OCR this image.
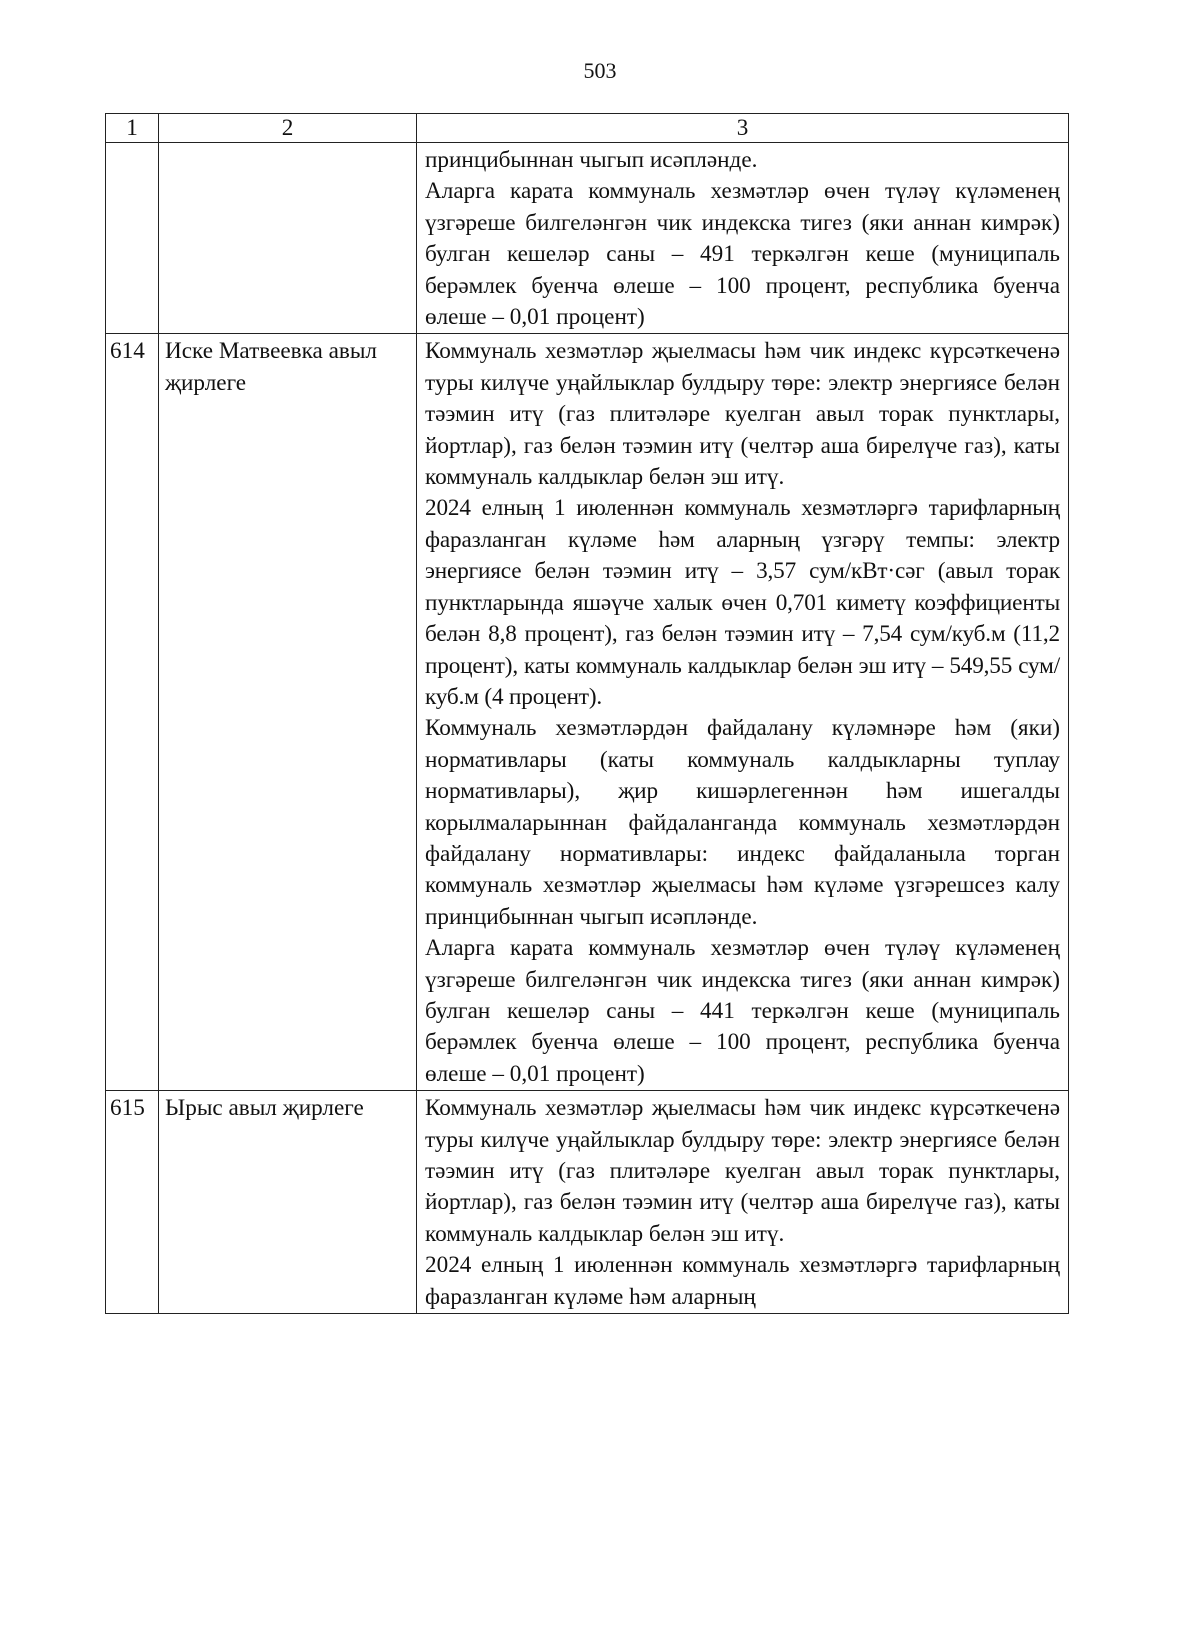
503
1	2	3

		принцибыннан чыгып исәпләнде.

Аларга карата коммуналь хезмәтләр өчен түләү күләменең үзгәреше билгеләнгән чик индекска тигез (яки аннан кимрәк) булган кешеләр саны – 491 теркәлгән кеше (муниципаль берәмлек буенча өлеше – 100 процент, республика буенча өлеше – 0,01 процент)

614	Иске Матвеевка авыл җирлеге	Коммуналь хезмәтләр җыелмасы һәм чик индекс күрсәткеченә туры килүче уңайлыклар булдыру төре: электр энергиясе белән тәэмин итү (газ плитәләре куелган авыл торак пунктлары, йортлар), газ белән тәэмин итү (челтәр аша бирелүче газ), каты коммуналь калдыклар белән эш итү.

2024 елның 1 июленнән коммуналь хезмәтләргә тарифларның фаразланган күләме һәм аларның үзгәрү темпы: электр энергиясе белән тәэмин итү – 3,57 сум/кВт·сәг (авыл торак пунктларында яшәүче халык өчен 0,701 киметү коэффициенты белән 8,8 процент), газ белән тәэмин итү – 7,54 сум/куб.м (11,2 процент), каты коммуналь калдыклар белән эш итү – 549,55 сум/куб.м (4 процент).

Коммуналь хезмәтләрдән файдалану күләмнәре һәм (яки) нормативлары (каты коммуналь калдыкларны туплау нормативлары), җир кишәрлегеннән һәм ишегалды корылмаларыннан файдаланганда коммуналь хезмәтләрдән файдалану нормативлары: индекс файдаланыла торган коммуналь хезмәтләр җыелмасы һәм күләме үзгәрешсез калу принцибыннан чыгып исәпләнде.

Аларга карата коммуналь хезмәтләр өчен түләү күләменең үзгәреше билгеләнгән чик индекска тигез (яки аннан кимрәк) булган кешеләр саны – 441 теркәлгән кеше (муниципаль берәмлек буенча өлеше – 100 процент, республика буенча өлеше – 0,01 процент)

615	Ырыс авыл җирлеге	Коммуналь хезмәтләр җыелмасы һәм чик индекс күрсәткеченә туры килүче уңайлыклар булдыру төре: электр энергиясе белән тәэмин итү (газ плитәләре куелган авыл торак пунктлары, йортлар), газ белән тәэмин итү (челтәр аша бирелүче газ), каты коммуналь калдыклар белән эш итү.

2024 елның 1 июленнән коммуналь хезмәтләргә тарифларның фаразланган күләме һәм аларның
